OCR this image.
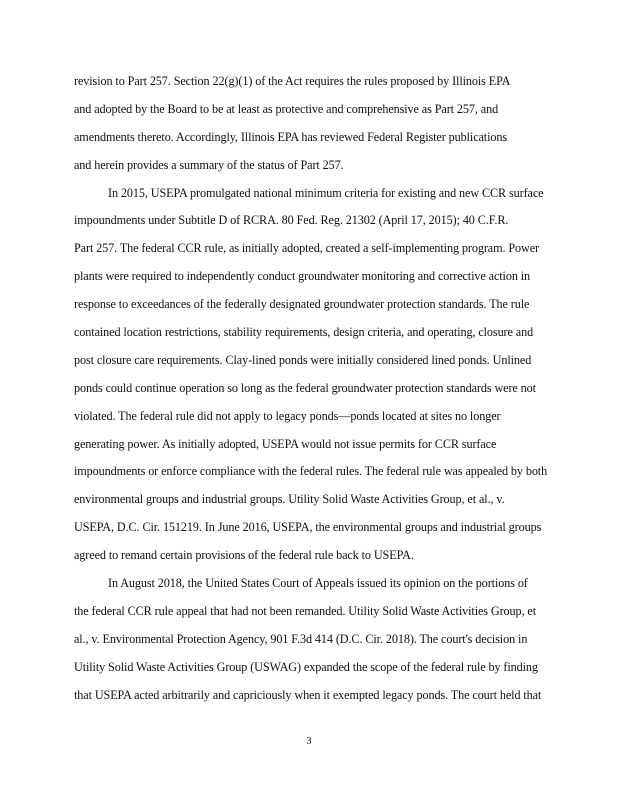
revision to Part 257. Section 22(g)(1) of the Act requires the rules proposed by Illinois EPA
and adopted by the Board to be at least as protective and comprehensive as Part 257, and
amendments thereto. Accordingly, Illinois EPA has reviewed Federal Register publications
and herein provides a summary of the status of Part 257.
In 2015, USEPA promulgated national minimum criteria for existing and new CCR surface
impoundments under Subtitle D of RCRA. 80 Fed. Reg. 21302 (April 17, 2015); 40 C.F.R.
Part 257. The federal CCR rule, as initially adopted, created a self-implementing program. Power
plants were required to independently conduct groundwater monitoring and corrective action in
response to exceedances of the federally designated groundwater protection standards. The rule
contained location restrictions, stability requirements, design criteria, and operating, closure and
post closure care requirements. Clay-lined ponds were initially considered lined ponds. Unlined
ponds could continue operation so long as the federal groundwater protection standards were not
violated. The federal rule did not apply to legacy ponds—ponds located at sites no longer
generating power. As initially adopted, USEPA would not issue permits for CCR surface
impoundments or enforce compliance with the federal rules. The federal rule was appealed by both
environmental groups and industrial groups. Utility Solid Waste Activities Group, et al., v.
USEPA, D.C. Cir. 151219. In June 2016, USEPA, the environmental groups and industrial groups
agreed to remand certain provisions of the federal rule back to USEPA.
In August 2018, the United States Court of Appeals issued its opinion on the portions of
the federal CCR rule appeal that had not been remanded. Utility Solid Waste Activities Group, et
al., v. Environmental Protection Agency, 901 F.3d 414 (D.C. Cir. 2018). The court's decision in
Utility Solid Waste Activities Group (USWAG) expanded the scope of the federal rule by finding
that USEPA acted arbitrarily and capriciously when it exempted legacy ponds. The court held that
3
